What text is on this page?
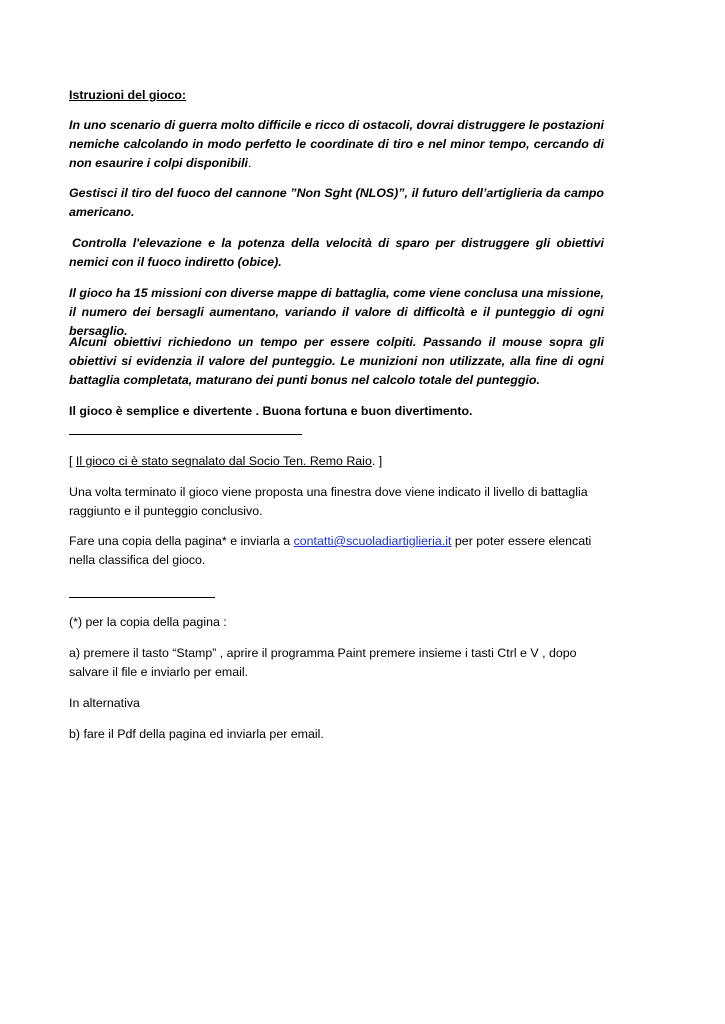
Istruzioni del gioco:
In uno scenario di guerra molto difficile e ricco di ostacoli, dovrai distruggere le postazioni nemiche calcolando in modo perfetto le coordinate di tiro e nel minor tempo, cercando di non esaurire i colpi disponibili.
Gestisci il tiro del fuoco del cannone ”Non Sght (NLOS)”, il futuro dell’artiglieria da campo americano.
Controlla l'elevazione e la potenza della velocità di sparo per distruggere gli obiettivi nemici con il fuoco indiretto (obice).
Il gioco ha 15 missioni con diverse mappe di battaglia, come viene conclusa una missione, il numero dei bersagli aumentano, variando il valore di difficoltà e il punteggio di ogni bersaglio.
Alcuni obiettivi richiedono un tempo per essere colpiti. Passando il mouse sopra gli obiettivi si evidenzia il valore del punteggio. Le munizioni non utilizzate, alla fine di ogni battaglia completata, maturano dei punti bonus nel calcolo totale del punteggio.
Il gioco è semplice e divertente . Buona fortuna e buon divertimento.
[ Il gioco ci è stato segnalato dal Socio Ten. Remo Raio. ]
Una volta terminato il gioco viene proposta una finestra dove viene indicato il livello di battaglia raggiunto e il punteggio conclusivo.
Fare una copia della pagina* e inviarla a contatti@scuoladiartiglieria.it per poter essere elencati nella classifica del gioco.
(*) per la copia della pagina :
a) premere il tasto “Stamp” , aprire il programma Paint premere insieme i tasti Ctrl e V , dopo salvare il file e inviarlo per email.
In alternativa
b) fare il Pdf della pagina ed inviarla per email.
